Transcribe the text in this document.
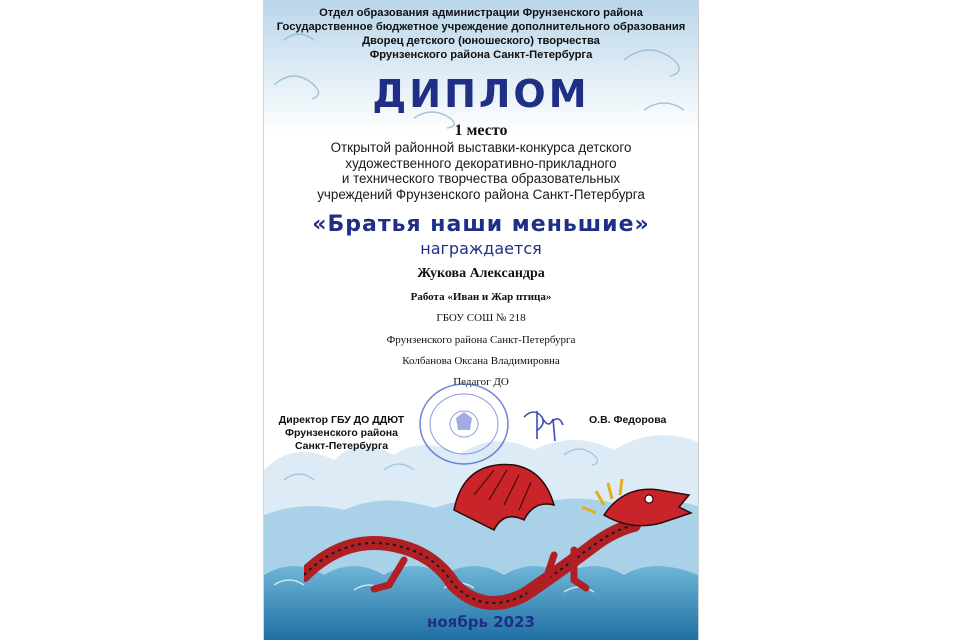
Отдел образования администрации Фрунзенского района
Государственное бюджетное учреждение дополнительного образования
Дворец детского (юношеского) творчества
Фрунзенского района Санкт-Петербурга
ДИПЛОМ
1 место
Открытой районной выставки-конкурса детского
художественного декоративно-прикладного
и технического творчества образовательных
учреждений Фрунзенского района Санкт-Петербурга
«Братья наши меньшие»
награждается
Жукова Александра
Работа «Иван и Жар птица»
ГБОУ СОШ № 218
Фрунзенского района Санкт-Петербурга
Колбанова Оксана Владимировна
Педагог ДО
Директор ГБУ ДО ДДЮТ
Фрунзенского района
Санкт-Петербурга
О.В. Федорова
ноябрь 2023
